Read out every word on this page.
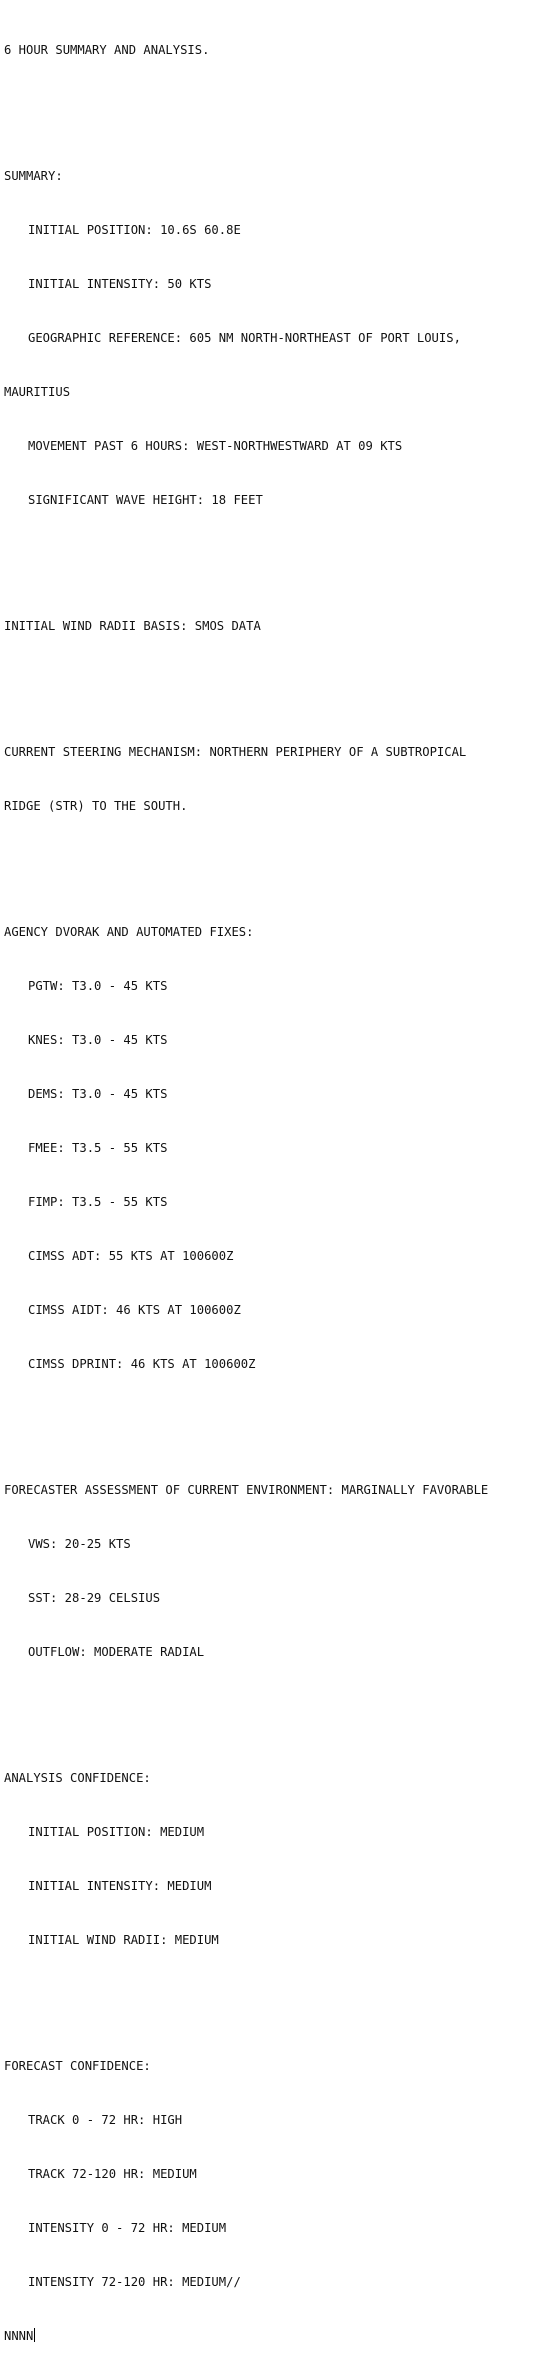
6 HOUR SUMMARY AND ANALYSIS.

SUMMARY:

INITIAL POSITION: 10.6S 60.8E

INITIAL INTENSITY: 50 KTS

GEOGRAPHIC REFERENCE: 605 NM NORTH-NORTHEAST OF PORT LOUIS,

MAURITIUS

MOVEMENT PAST 6 HOURS: WEST-NORTHWESTWARD AT 09 KTS

SIGNIFICANT WAVE HEIGHT: 18 FEET

INITIAL WIND RADII BASIS: SMOS DATA

CURRENT STEERING MECHANISM: NORTHERN PERIPHERY OF A SUBTROPICAL

RIDGE (STR) TO THE SOUTH.

AGENCY DVORAK AND AUTOMATED FIXES:

PGTW: T3.0 - 45 KTS

KNES: T3.0 - 45 KTS

DEMS: T3.0 - 45 KTS

FMEE: T3.5 - 55 KTS

FIMP: T3.5 - 55 KTS

CIMSS ADT: 55 KTS AT 100600Z

CIMSS AIDT: 46 KTS AT 100600Z

CIMSS DPRINT: 46 KTS AT 100600Z

FORECASTER ASSESSMENT OF CURRENT ENVIRONMENT: MARGINALLY FAVORABLE

VWS: 20-25 KTS

SST: 28-29 CELSIUS

OUTFLOW: MODERATE RADIAL

ANALYSIS CONFIDENCE:

INITIAL POSITION: MEDIUM

INITIAL INTENSITY: MEDIUM

INITIAL WIND RADII: MEDIUM

FORECAST CONFIDENCE:

TRACK 0 - 72 HR: HIGH

TRACK 72-120 HR: MEDIUM

INTENSITY 0 - 72 HR: MEDIUM

INTENSITY 72-120 HR: MEDIUM//

NNNN
